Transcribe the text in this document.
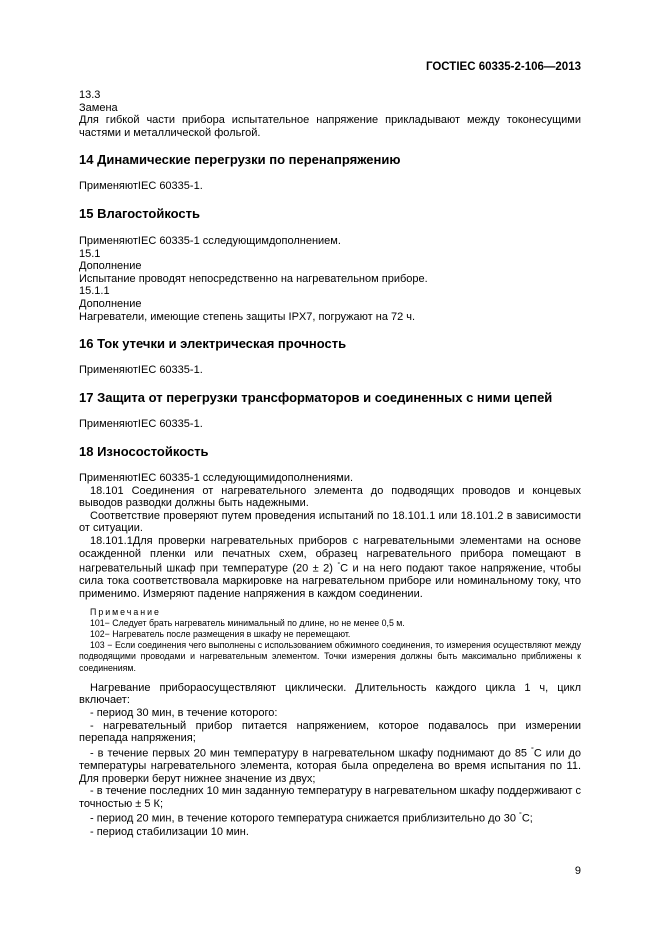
ГОСТIEC 60335-2-106—2013

13.3

Замена

Для гибкой части прибора испытательное напряжение прикладывают между токонесущими частями и металлической фольгой.

14 Динамические перегрузки по перенапряжению

ПрименяютIEC 60335-1.

15 Влагостойкость

ПрименяютIEC 60335-1 сследующимдополнением.

15.1

Дополнение

Испытание проводят непосредственно на нагревательном приборе.

15.1.1

Дополнение

Нагреватели, имеющие степень защиты IPX7, погружают на 72 ч.

16 Ток утечки и электрическая прочность

ПрименяютIEC 60335-1.

17 Защита от перегрузки трансформаторов и соединенных с ними цепей

ПрименяютIEC 60335-1.

18 Износостойкость

ПрименяютIEC 60335-1 сследующимидополнениями.

18.101 Соединения от нагревательного элемента до подводящих проводов и концевых выводов разводки должны быть надежными.

Соответствие проверяют путем проведения испытаний по 18.101.1 или 18.101.2 в зависимости от ситуации.

18.101.1Для проверки нагревательных приборов с нагревательными элементами на основе осажденной пленки или печатных схем, образец нагревательного прибора помещают в нагревательный шкаф при температуре (20 ± 2) °С и на него подают такое напряжение, чтобы сила тока соответствовала маркировке на нагревательном приборе или номинальному току, что применимо. Измеряют падение напряжения в каждом соединении.

Примечание

101− Следует брать нагреватель минимальный по длине, но не менее 0,5 м.

102− Нагреватель после размещения в шкафу не перемещают.

103 − Если соединения чего выполнены с использованием обжимного соединения, то измерения осуществляют между подводящими проводами и нагревательным элементом. Точки измерения должны быть максимально приближены к соединениям.

Нагревание приборaосуществляют циклически. Длительность каждого цикла 1 ч, цикл включает:

- период 30 мин, в течение которого:

- нагревательный прибор питается напряжением, которое подавалось при измерении перепада напряжения;

- в течение первых 20 мин температуру в нагревательном шкафу поднимают до 85 °С или до температуры нагревательного элемента, которая была определена во время испытания по 11. Для проверки берут нижнее значение из двух;

- в течение последних 10 мин заданную температуру в нагревательном шкафу поддерживают с точностью ± 5 К;

- период 20 мин, в течение которого температура снижается приблизительно до 30 °С;

- период стабилизации 10 мин.

9
